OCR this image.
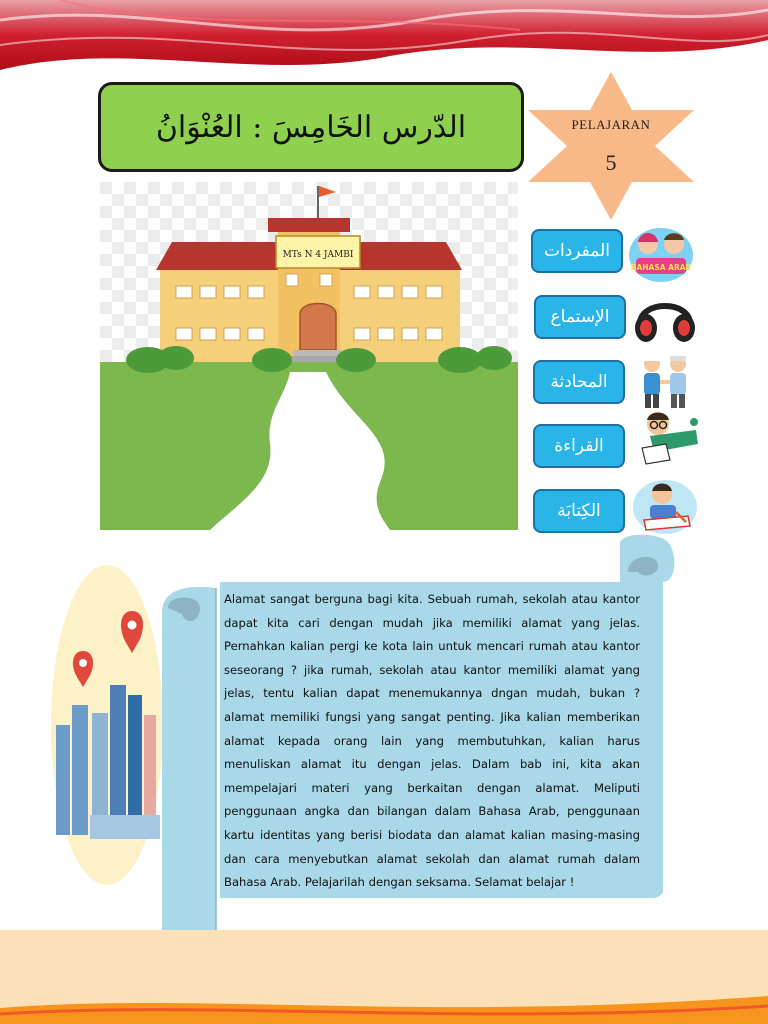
الدّرس الخَامِسَ : العُنْوَانُ	PELAJARAN
5
MTs N 4 JAMBI	المفردات
BAHASA ARAB
الإستماع
المحادثة
القراءة
الكِتابَة
Alamat sangat berguna bagi kita. Sebuah rumah, sekolah atau kantor dapat kita cari dengan mudah jika memiliki alamat yang jelas. Pernahkan kalian pergi ke kota lain untuk mencari rumah atau kantor seseorang ? jika rumah, sekolah atau kantor memiliki alamat yang jelas, tentu kalian dapat menemukannya dngan mudah, bukan ? alamat memiliki fungsi yang sangat penting. Jika kalian memberikan alamat kepada orang lain yang membutuhkan, kalian harus menuliskan alamat itu dengan jelas. Dalam bab ini, kita akan mempelajari materi yang berkaitan dengan alamat. Meliputi penggunaan angka dan bilangan dalam Bahasa Arab, penggunaan kartu identitas yang berisi biodata dan alamat kalian masing-masing dan cara menyebutkan alamat sekolah dan alamat rumah dalam Bahasa Arab. Pelajarilah dengan seksama. Selamat belajar !
